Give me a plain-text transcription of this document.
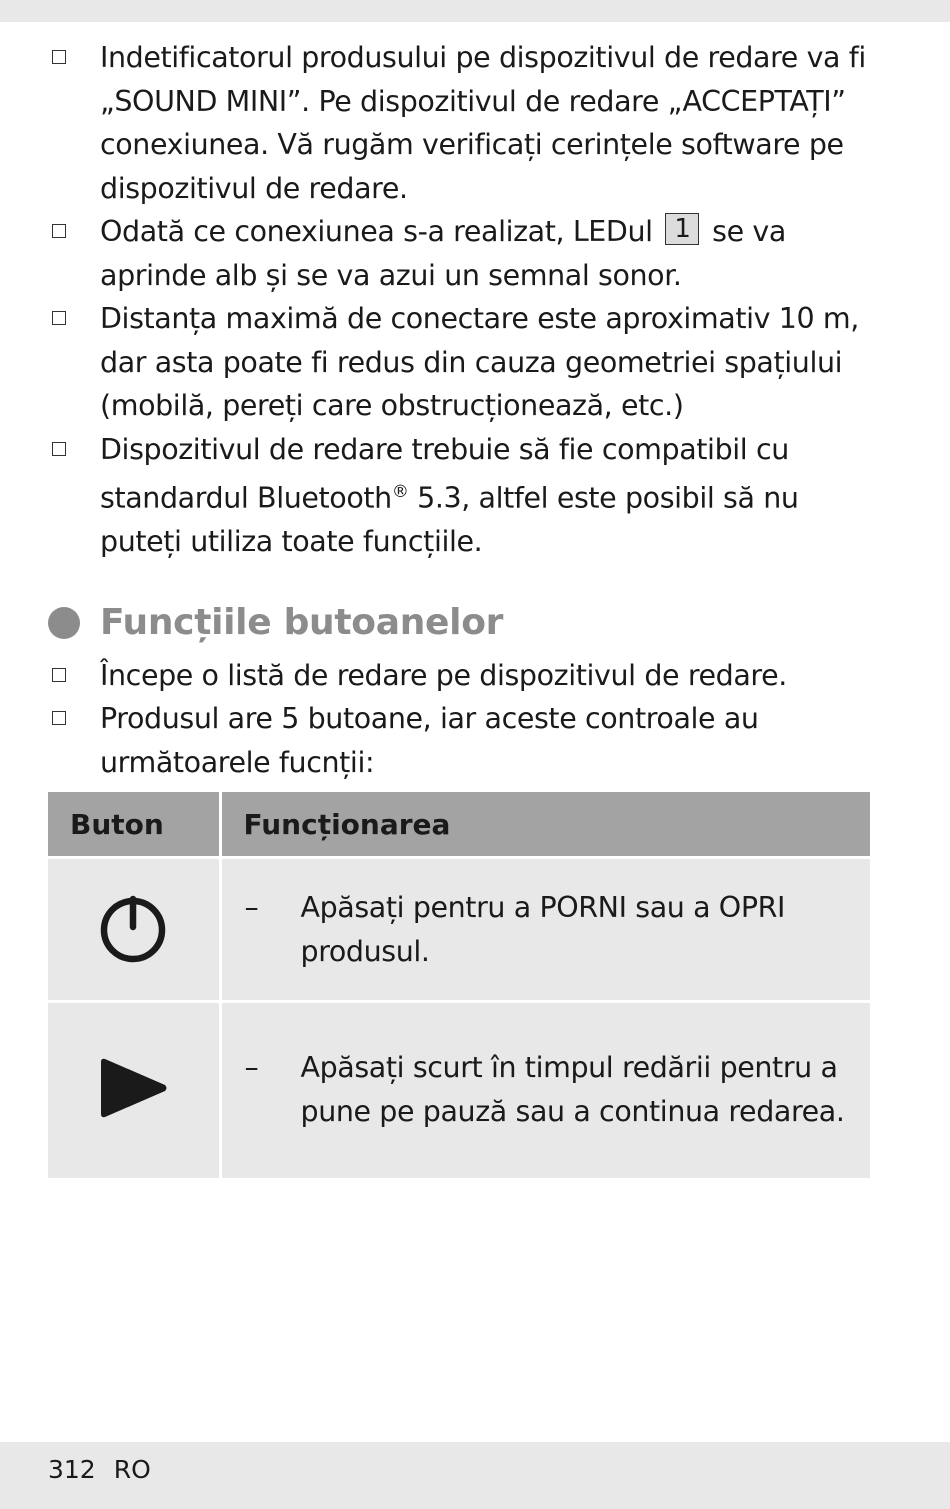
Indetificatorul produsului pe dispozitivul de redare va fi „SOUND MINI”. Pe dispozitivul de redare „ACCEPTAȚI” conexiunea. Vă rugăm verificați cerințele software pe dispozitivul de redare.
Odată ce conexiunea s-a realizat, LEDul 1 se va aprinde alb și se va azui un semnal sonor.
Distanța maximă de conectare este aproximativ 10 m, dar asta poate fi redus din cauza geometriei spațiului (mobilă, pereți care obstrucționează, etc.)
Dispozitivul de redare trebuie să fie compatibil cu standardul Bluetooth® 5.3, altfel este posibil să nu puteți utiliza toate funcțiile.
Funcțiile butoanelor
Începe o listă de redare pe dispozitivul de redare.
Produsul are 5 butoane, iar aceste controale au următoarele fucnții:
Buton	Funcționarea

– Apăsați pentru a PORNI sau a OPRI produsul.

– Apăsați scurt în timpul redării pentru a pune pe pauză sau a continua redarea.
312 RO
